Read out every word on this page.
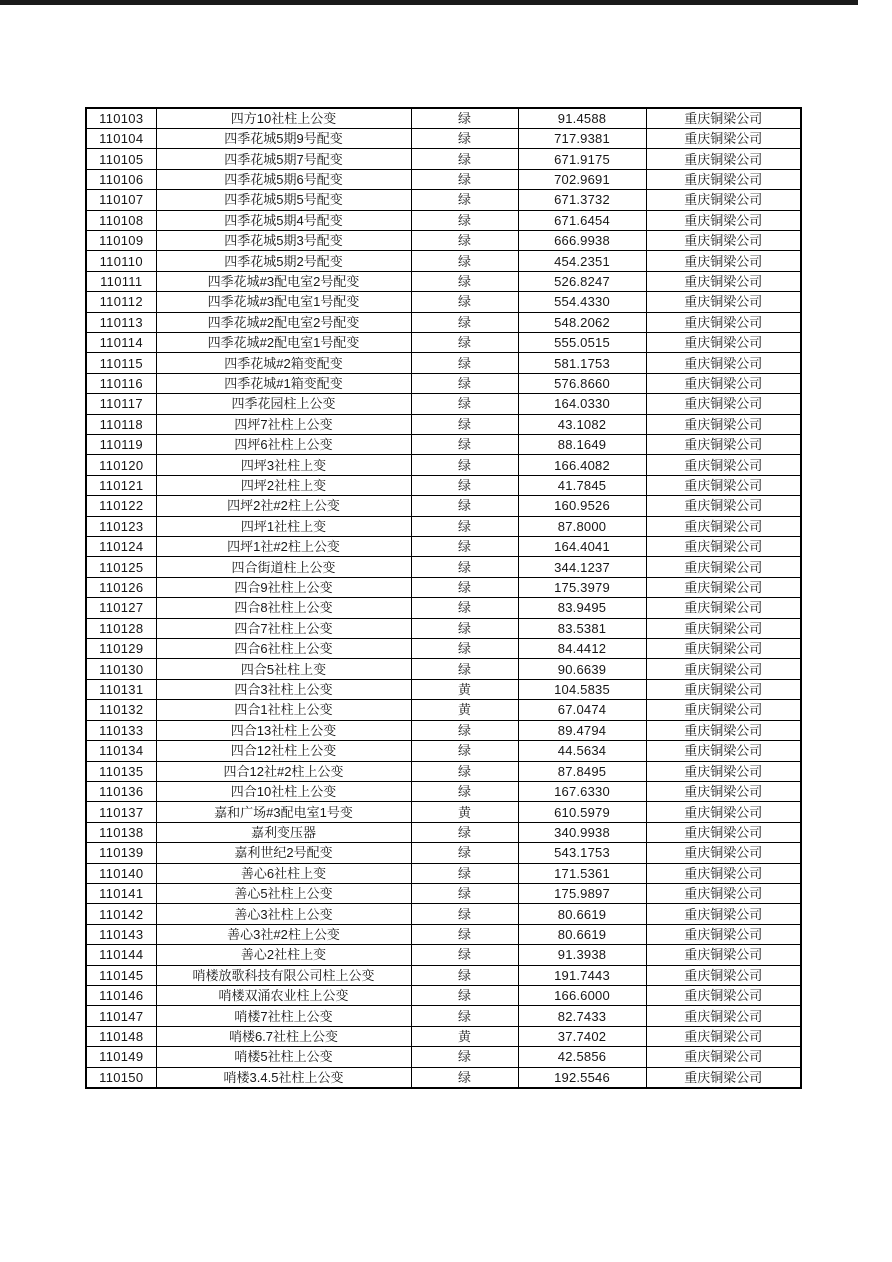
110103	四方10社柱上公变	绿	91.4588	重庆铜梁公司
110104	四季花城5期9号配变	绿	717.9381	重庆铜梁公司
110105	四季花城5期7号配变	绿	671.9175	重庆铜梁公司
110106	四季花城5期6号配变	绿	702.9691	重庆铜梁公司
110107	四季花城5期5号配变	绿	671.3732	重庆铜梁公司
110108	四季花城5期4号配变	绿	671.6454	重庆铜梁公司
110109	四季花城5期3号配变	绿	666.9938	重庆铜梁公司
110110	四季花城5期2号配变	绿	454.2351	重庆铜梁公司
110111	四季花城#3配电室2号配变	绿	526.8247	重庆铜梁公司
110112	四季花城#3配电室1号配变	绿	554.4330	重庆铜梁公司
110113	四季花城#2配电室2号配变	绿	548.2062	重庆铜梁公司
110114	四季花城#2配电室1号配变	绿	555.0515	重庆铜梁公司
110115	四季花城#2箱变配变	绿	581.1753	重庆铜梁公司
110116	四季花城#1箱变配变	绿	576.8660	重庆铜梁公司
110117	四季花园柱上公变	绿	164.0330	重庆铜梁公司
110118	四坪7社柱上公变	绿	43.1082	重庆铜梁公司
110119	四坪6社柱上公变	绿	88.1649	重庆铜梁公司
110120	四坪3社柱上变	绿	166.4082	重庆铜梁公司
110121	四坪2社柱上变	绿	41.7845	重庆铜梁公司
110122	四坪2社#2柱上公变	绿	160.9526	重庆铜梁公司
110123	四坪1社柱上变	绿	87.8000	重庆铜梁公司
110124	四坪1社#2柱上公变	绿	164.4041	重庆铜梁公司
110125	四合街道柱上公变	绿	344.1237	重庆铜梁公司
110126	四合9社柱上公变	绿	175.3979	重庆铜梁公司
110127	四合8社柱上公变	绿	83.9495	重庆铜梁公司
110128	四合7社柱上公变	绿	83.5381	重庆铜梁公司
110129	四合6社柱上公变	绿	84.4412	重庆铜梁公司
110130	四合5社柱上变	绿	90.6639	重庆铜梁公司
110131	四合3社柱上公变	黄	104.5835	重庆铜梁公司
110132	四合1社柱上公变	黄	67.0474	重庆铜梁公司
110133	四合13社柱上公变	绿	89.4794	重庆铜梁公司
110134	四合12社柱上公变	绿	44.5634	重庆铜梁公司
110135	四合12社#2柱上公变	绿	87.8495	重庆铜梁公司
110136	四合10社柱上公变	绿	167.6330	重庆铜梁公司
110137	嘉和广场#3配电室1号变	黄	610.5979	重庆铜梁公司
110138	嘉利变压器	绿	340.9938	重庆铜梁公司
110139	嘉利世纪2号配变	绿	543.1753	重庆铜梁公司
110140	善心6社柱上变	绿	171.5361	重庆铜梁公司
110141	善心5社柱上公变	绿	175.9897	重庆铜梁公司
110142	善心3社柱上公变	绿	80.6619	重庆铜梁公司
110143	善心3社#2柱上公变	绿	80.6619	重庆铜梁公司
110144	善心2社柱上变	绿	91.3938	重庆铜梁公司
110145	哨楼放歌科技有限公司柱上公变	绿	191.7443	重庆铜梁公司
110146	哨楼双涌农业柱上公变	绿	166.6000	重庆铜梁公司
110147	哨楼7社柱上公变	绿	82.7433	重庆铜梁公司
110148	哨楼6.7社柱上公变	黄	37.7402	重庆铜梁公司
110149	哨楼5社柱上公变	绿	42.5856	重庆铜梁公司
110150	哨楼3.4.5社柱上公变	绿	192.5546	重庆铜梁公司
